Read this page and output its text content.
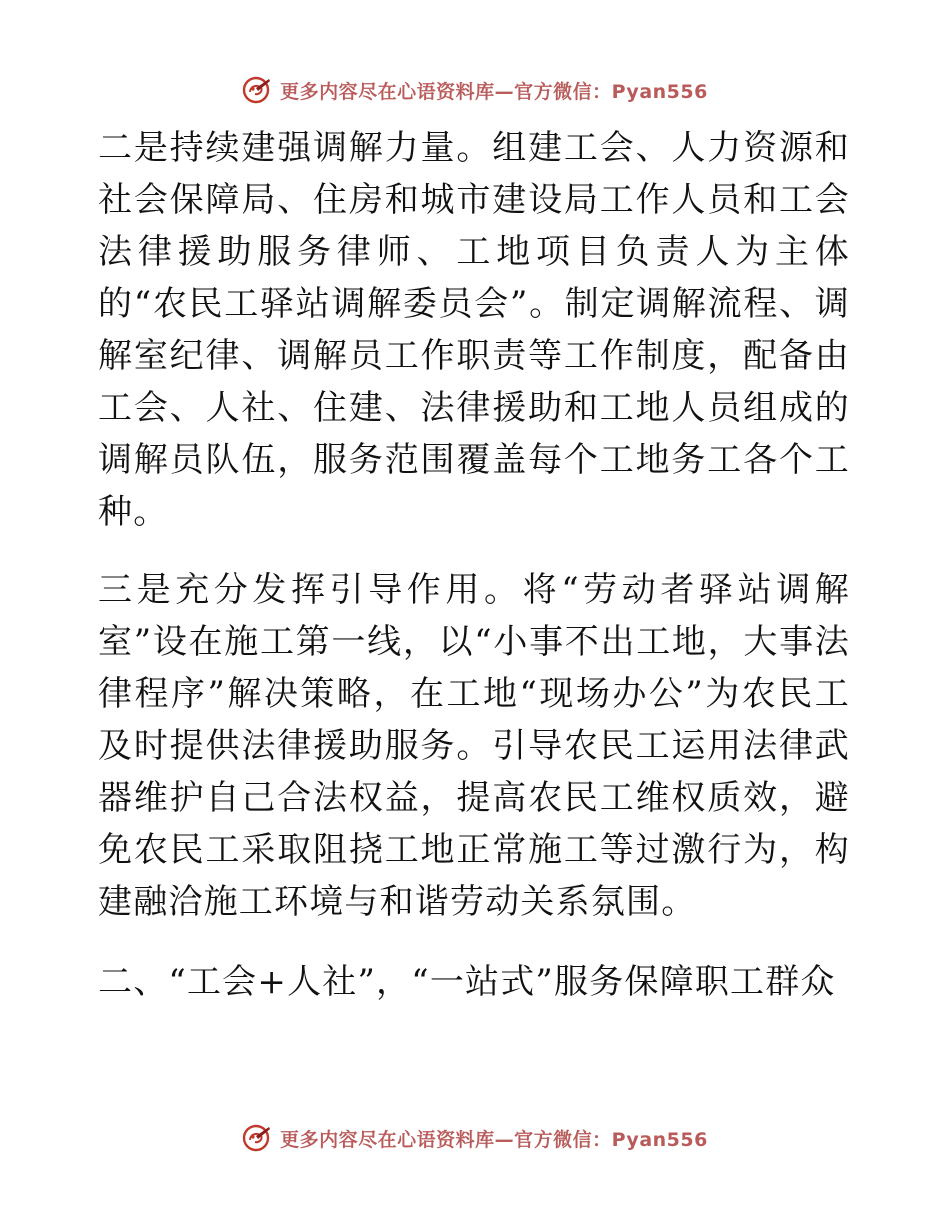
更多内容尽在心语资料库—官方微信：Pyan556

二是持续建强调解力量。组建工会、人力资源和社会保障局、住房和城市建设局工作人员和工会法律援助服务律师、工地项目负责人为主体的“农民工驿站调解委员会”。制定调解流程、调解室纪律、调解员工作职责等工作制度，配备由工会、人社、住建、法律援助和工地人员组成的调解员队伍，服务范围覆盖每个工地务工各个工种。

三是充分发挥引导作用。将“劳动者驿站调解室”设在施工第一线，以“小事不出工地，大事法律程序”解决策略，在工地“现场办公”为农民工及时提供法律援助服务。引导农民工运用法律武器维护自己合法权益，提高农民工维权质效，避免农民工采取阻挠工地正常施工等过激行为，构建融洽施工环境与和谐劳动关系氛围。

二、“工会+人社”，“一站式”服务保障职工群众

更多内容尽在心语资料库—官方微信：Pyan556
